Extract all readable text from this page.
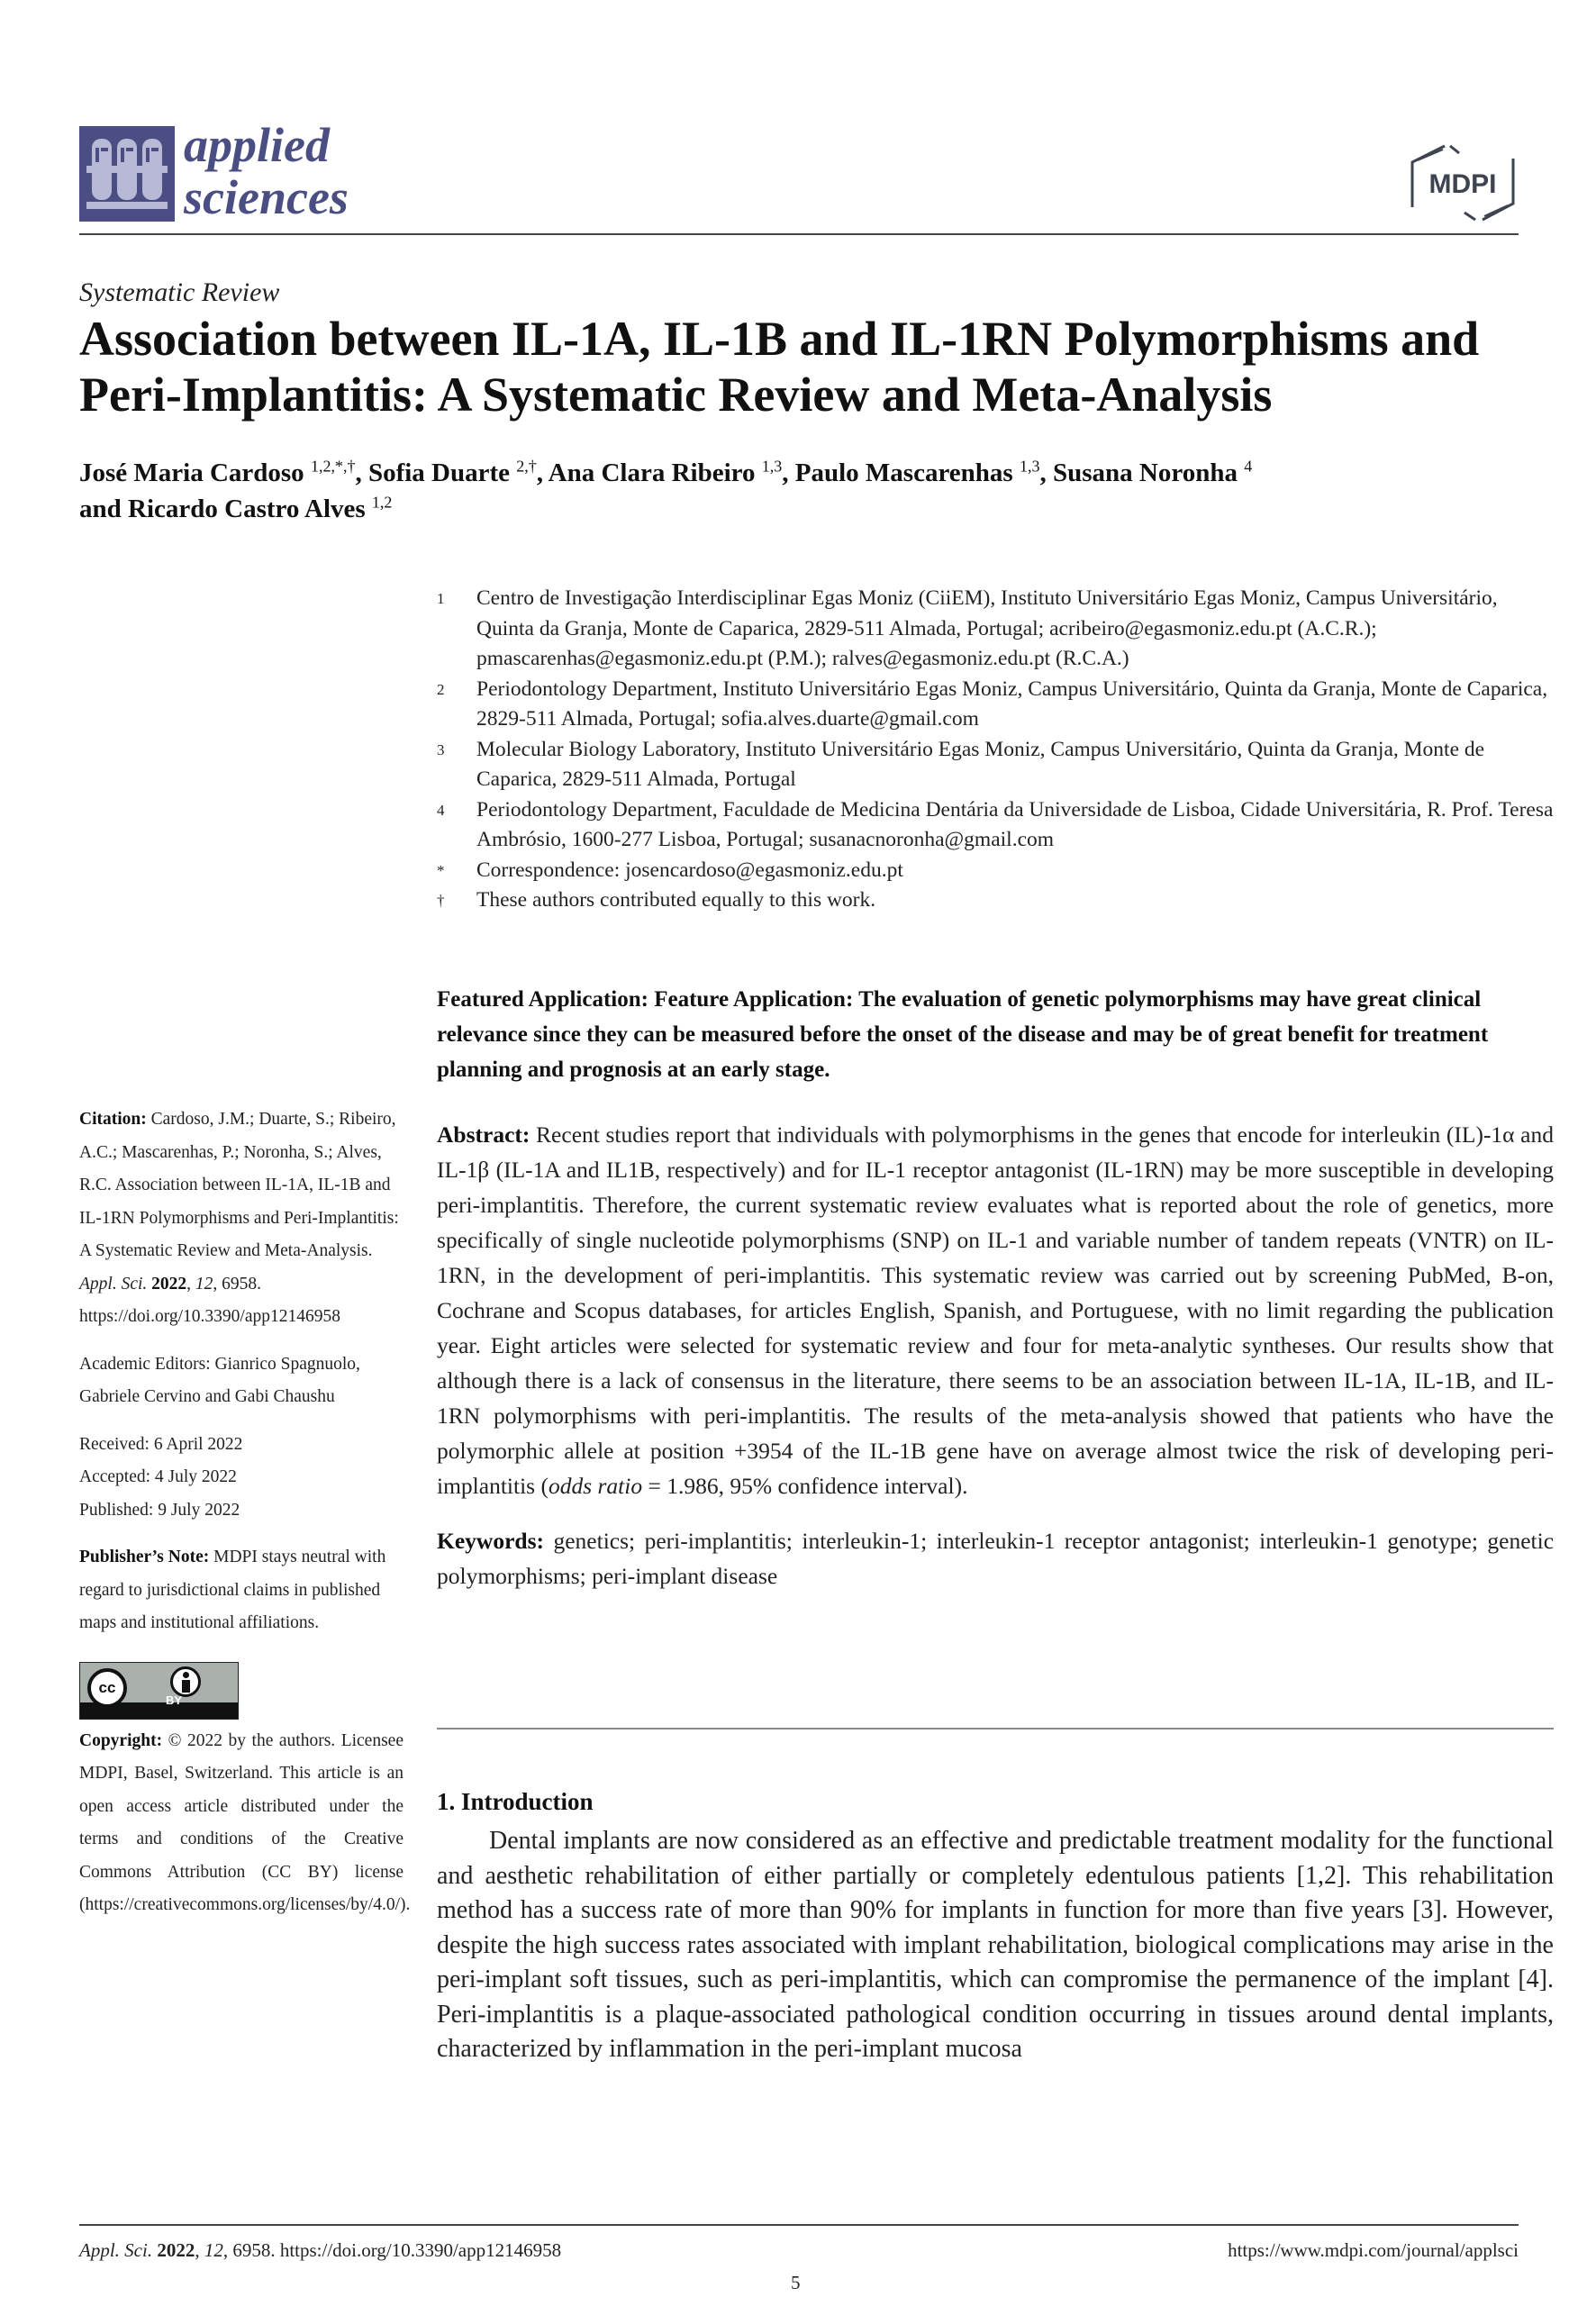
applied
sciences	MDPI
Systematic Review
Association between IL-1A, IL-1B and IL-1RN Polymorphisms and Peri-Implantitis: A Systematic Review and Meta-Analysis
José Maria Cardoso $^{1,2,*,\dagger}$, Sofia Duarte $^{2,\dagger}$, Ana Clara Ribeiro $^{1,3}$, Paulo Mascarenhas $^{1,3}$, Susana Noronha $^4$
and Ricardo Castro Alves $^{1,2}$
1	Centro de Investigação Interdisciplinar Egas Moniz (CiiEM), Instituto Universitário Egas Moniz, Campus Universitário, Quinta da Granja, Monte de Caparica, 2829-511 Almada, Portugal; acribeiro@egasmoniz.edu.pt (A.C.R.); pmascarenhas@egasmoniz.edu.pt (P.M.); ralves@egasmoniz.edu.pt (R.C.A.)
2	Periodontology Department, Instituto Universitário Egas Moniz, Campus Universitário, Quinta da Granja, Monte de Caparica, 2829-511 Almada, Portugal; sofia.alves.duarte@gmail.com
3	Molecular Biology Laboratory, Instituto Universitário Egas Moniz, Campus Universitário, Quinta da Granja, Monte de Caparica, 2829-511 Almada, Portugal
4	Periodontology Department, Faculdade de Medicina Dentária da Universidade de Lisboa, Cidade Universitária, R. Prof. Teresa Ambrósio, 1600-277 Lisboa, Portugal; susanacnoronha@gmail.com
*	Correspondence: josencardoso@egasmoniz.edu.pt
†	These authors contributed equally to this work.
Featured Application: Feature Application: The evaluation of genetic polymorphisms may have great clinical relevance since they can be measured before the onset of the disease and may be of great benefit for treatment planning and prognosis at an early stage.

Citation: Cardoso, J.M.; Duarte, S.; Ribeiro, A.C.; Mascarenhas, P.; Noronha, S.; Alves, R.C. Association between IL-1A, IL-1B and IL-1RN Polymorphisms and Peri-Implantitis: A Systematic Review and Meta-Analysis. Appl. Sci. 2022, 12, 6958. https://doi.org/10.3390/app12146958

Academic Editors: Gianrico Spagnuolo, Gabriele Cervino and Gabi Chaushu

Received: 6 April 2022

Accepted: 4 July 2022

Published: 9 July 2022

Publisher’s Note: MDPI stays neutral with regard to jurisdictional claims in published maps and institutional affiliations.

cc
BY

Copyright: © 2022 by the authors. Licensee MDPI, Basel, Switzerland. This article is an open access article distributed under the terms and conditions of the Creative Commons Attribution (CC BY) license (https://creativecommons.org/licenses/by/4.0/).

Abstract: Recent studies report that individuals with polymorphisms in the genes that encode for interleukin (IL)-1α and IL-1β (IL-1A and IL1B, respectively) and for IL-1 receptor antagonist (IL-1RN) may be more susceptible in developing peri-implantitis. Therefore, the current systematic review evaluates what is reported about the role of genetics, more specifically of single nucleotide polymorphisms (SNP) on IL-1 and variable number of tandem repeats (VNTR) on IL-1RN, in the development of peri-implantitis. This systematic review was carried out by screening PubMed, B-on, Cochrane and Scopus databases, for articles English, Spanish, and Portuguese, with no limit regarding the publication year. Eight articles were selected for systematic review and four for meta-analytic syntheses. Our results show that although there is a lack of consensus in the literature, there seems to be an association between IL-1A, IL-1B, and IL-1RN polymorphisms with peri-implantitis. The results of the meta-analysis showed that patients who have the polymorphic allele at position +3954 of the IL-1B gene have on average almost twice the risk of developing peri-implantitis (odds ratio = 1.986, 95% confidence interval).

Keywords: genetics; peri-implantitis; interleukin-1; interleukin-1 receptor antagonist; interleukin-1 genotype; genetic polymorphisms; peri-implant disease

1. Introduction
Dental implants are now considered as an effective and predictable treatment modality for the functional and aesthetic rehabilitation of either partially or completely edentulous patients [1,2]. This rehabilitation method has a success rate of more than 90% for implants in function for more than five years [3]. However, despite the high success rates associated with implant rehabilitation, biological complications may arise in the peri-implant soft tissues, such as peri-implantitis, which can compromise the permanence of the implant [4]. Peri-implantitis is a plaque-associated pathological condition occurring in tissues around dental implants, characterized by inflammation in the peri-implant mucosa
Appl. Sci. 2022, 12, 6958. https://doi.org/10.3390/app12146958	https://www.mdpi.com/journal/applsci
5
